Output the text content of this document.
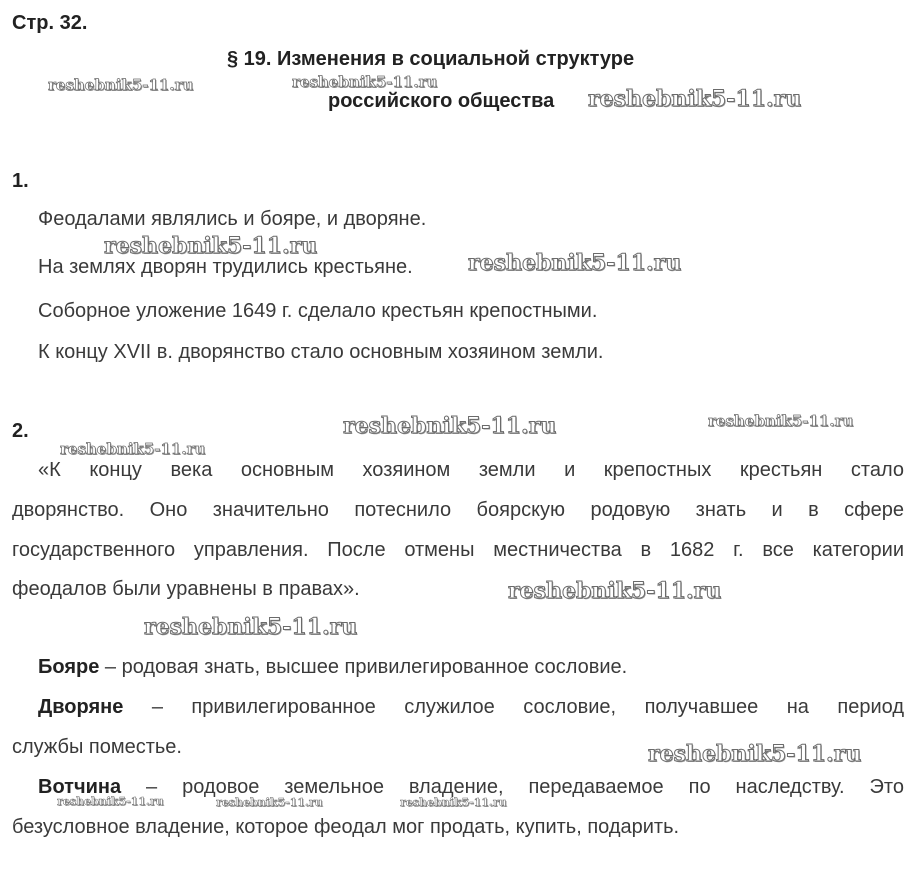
Стр. 32.
§ 19. Изменения в социальной структуре
российского общества
1.
Феодалами являлись и бояре, и дворяне.
На землях дворян трудились крестьяне.
Соборное уложение 1649 г. сделало крестьян крепостными.
К концу XVII в. дворянство стало основным хозяином земли.
2.
«К концу века основным хозяином земли и крепостных крестьян стало
дворянство. Оно значительно потеснило боярскую родовую знать и в сфере
государственного управления. После отмены местничества в 1682 г. все категории
феодалов были уравнены в правах».
Бояре – родовая знать, высшее привилегированное сословие.
Дворяне – привилегированное служилое сословие, получавшее на период
службы поместье.
Вотчина – родовое земельное владение, передаваемое по наследству. Это
безусловное владение, которое феодал мог продать, купить, подарить.
reshebnik5-11.ru	reshebnik5-11.ru
reshebnik5-11.ru
reshebnik5-11.ru
reshebnik5-11.ru
reshebnik5-11.ru	reshebnik5-11.ru
reshebnik5-11.ru
reshebnik5-11.ru
reshebnik5-11.ru
reshebnik5-11.ru
reshebnik5-11.ru	reshebnik5-11.ru	reshebnik5-11.ru
